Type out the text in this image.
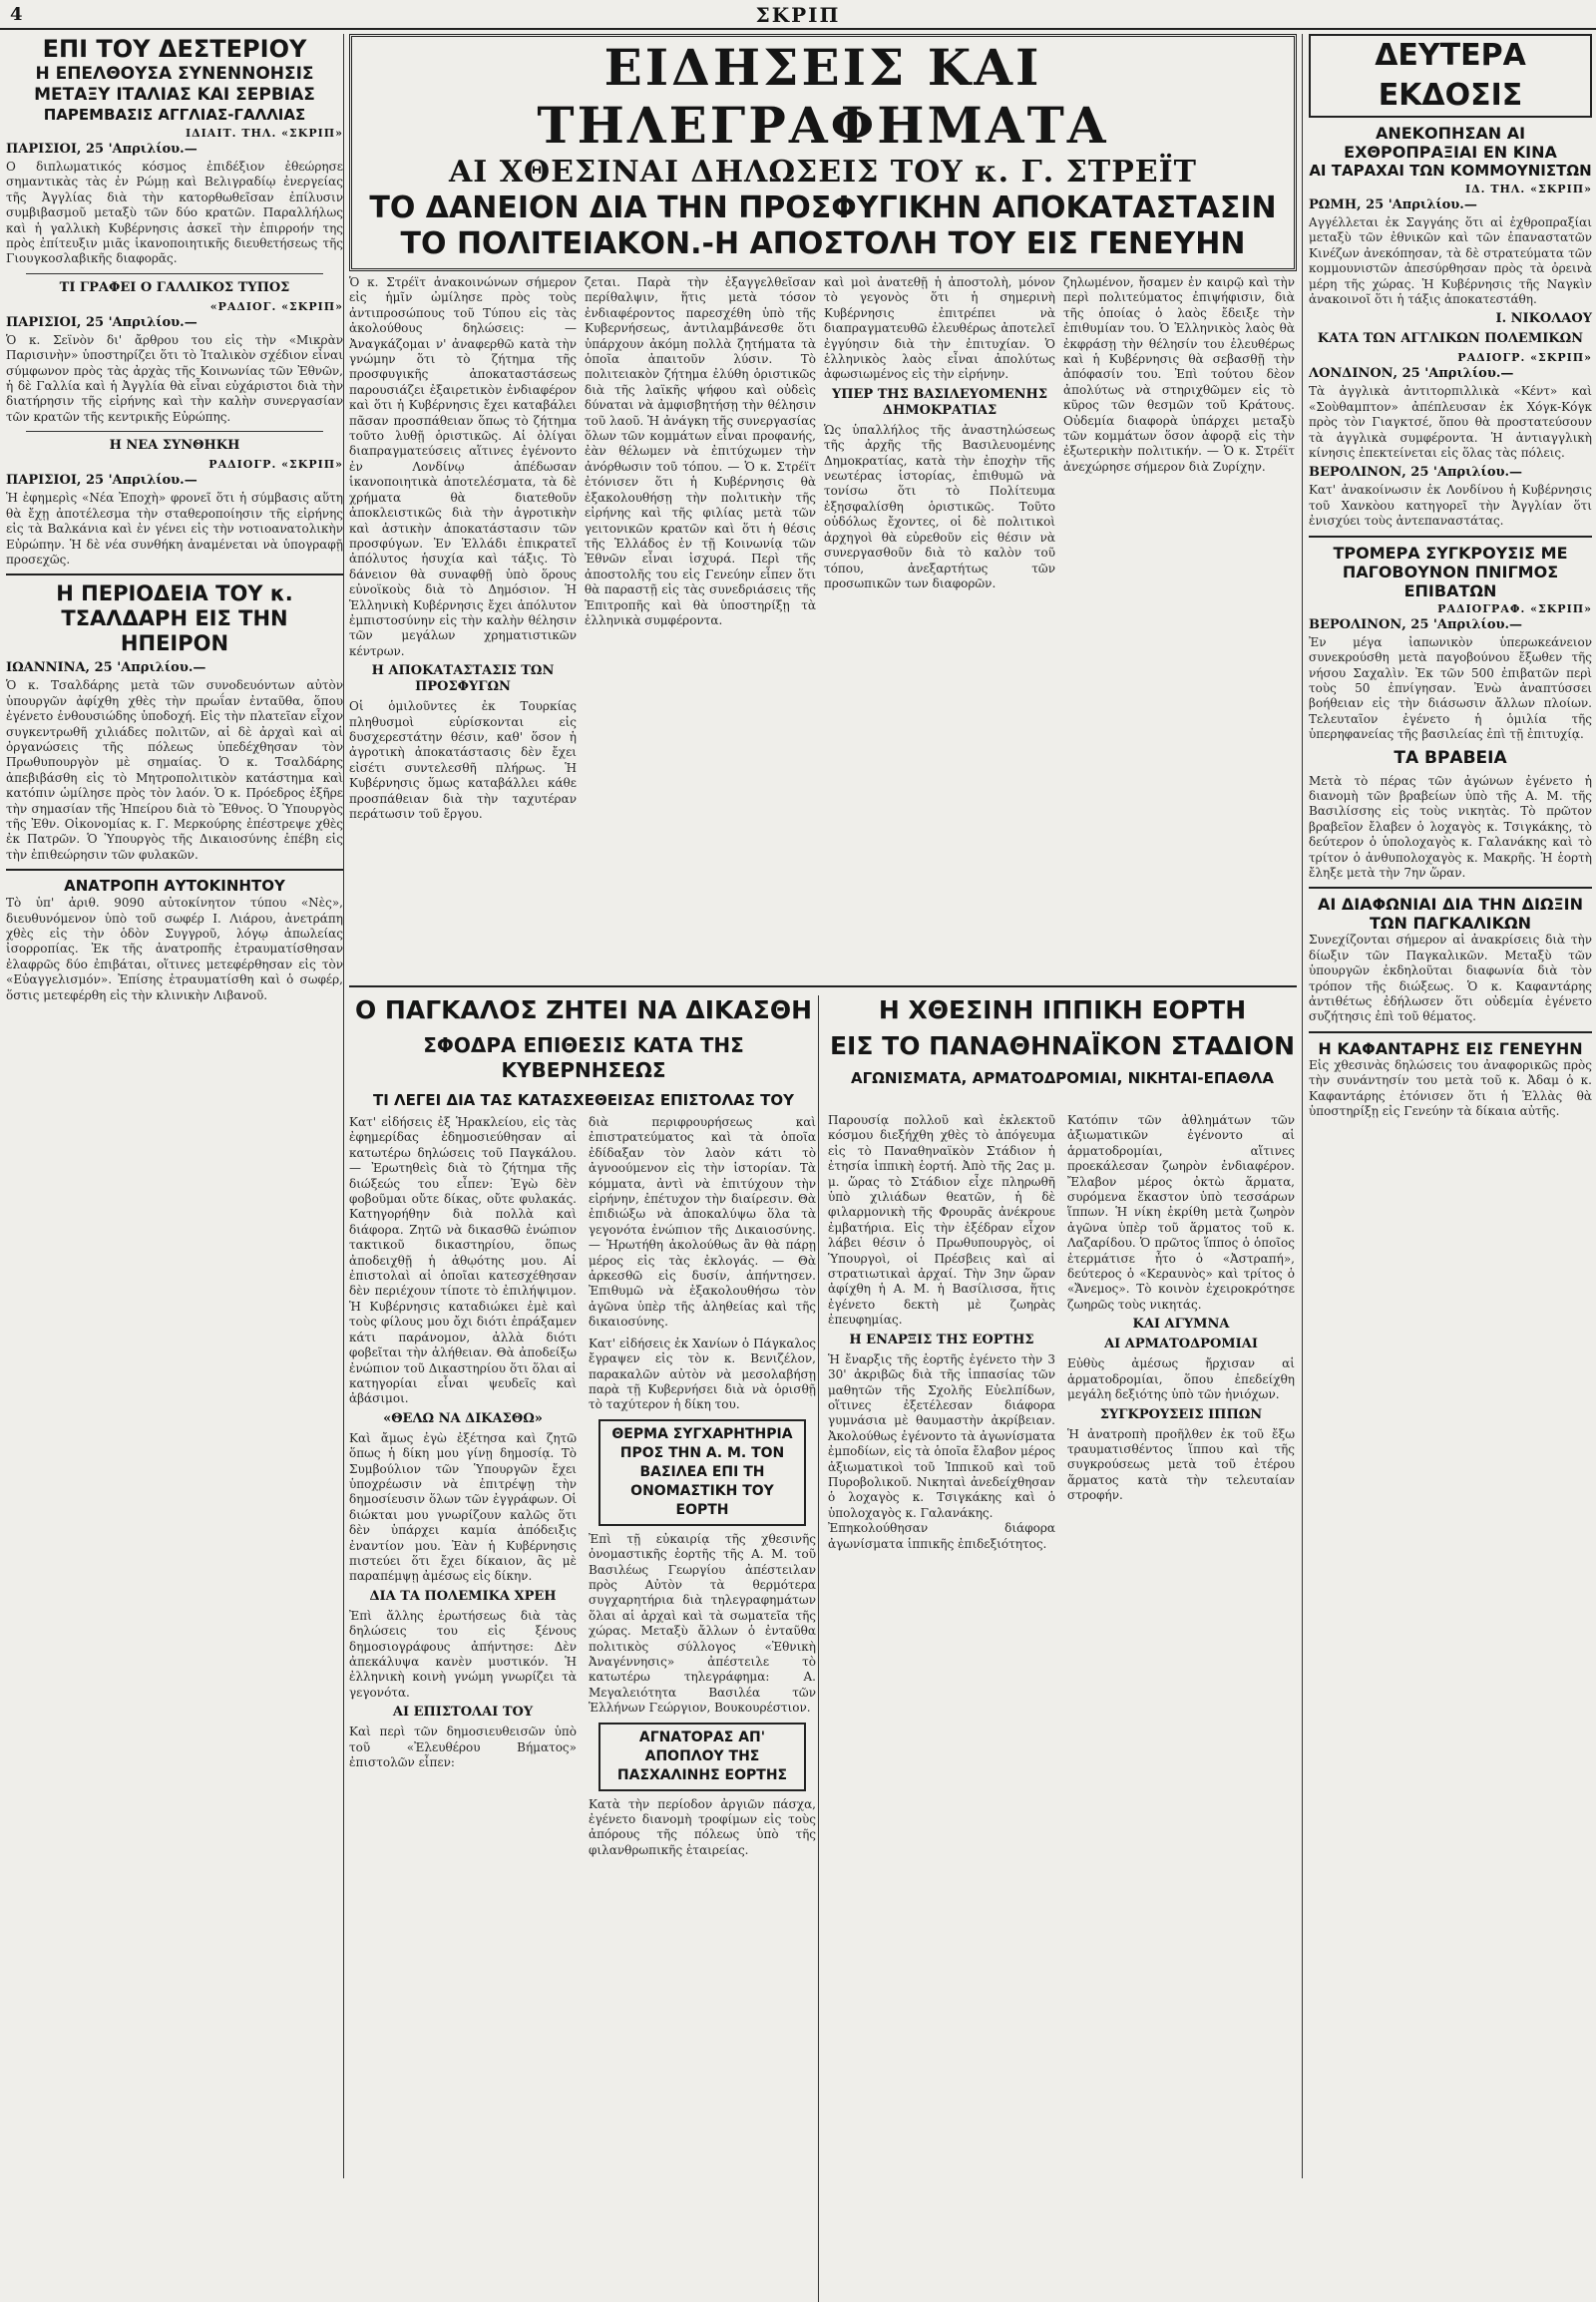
4	ΣΚΡΙΠ
ΕΠΙ ΤΟΥ ΔΕΣΤΕΡΙΟΥ
Η ΕΠΕΛΘΟΥΣΑ ΣΥΝΕΝΝΟΗΣΙΣ ΜΕΤΑΞΥ ΙΤΑΛΙΑΣ ΚΑΙ ΣΕΡΒΙΑΣ
ΠΑΡΕΜΒΑΣΙΣ ΑΓΓΛΙΑΣ-ΓΑΛΛΙΑΣ
ΙΔΙΑΙΤ. ΤΗΛ. «ΣΚΡΙΠ»
ΠΑΡΙΣΙΟΙ, 25 'Απριλίου.—
Ο διπλωματικός κόσμος ἐπιδέξιον ἐθεώρησε σημαντικὰς τὰς ἐν Ρώμῃ καὶ Βελιγραδίῳ ἐνεργείας τῆς Ἀγγλίας διὰ τὴν κατορθωθεῖσαν ἐπίλυσιν συμβιβασμοῦ μεταξὺ τῶν δύο κρατῶν. Παραλλήλως καὶ ἡ γαλλικὴ Κυβέρνησις ἀσκεῖ τὴν ἐπιρροήν της πρὸς ἐπίτευξιν μιᾶς ἱκανοποιητικῆς διευθετήσεως τῆς Γιουγκοσλαβικῆς διαφορᾶς.
ΤΙ ΓΡΑΦΕΙ Ο ΓΑΛΛΙΚΟΣ ΤΥΠΟΣ
«ΡΑΔΙΟΓ. «ΣΚΡΙΠ»
ΠΑΡΙΣΙΟΙ, 25 'Απριλίου.—
Ὁ κ. Σεϊνὸν δι' ἄρθρου του εἰς τὴν «Μικρὰν Παρισινὴν» ὑποστηρίζει ὅτι τὸ Ἰταλικὸν σχέδιον εἶναι σύμφωνον πρὸς τὰς ἀρχὰς τῆς Κοινωνίας τῶν Ἐθνῶν, ἡ δὲ Γαλλία καὶ ἡ Ἀγγλία θὰ εἶναι εὐχάριστοι διὰ τὴν διατήρησιν τῆς εἰρήνης καὶ τὴν καλὴν συνεργασίαν τῶν κρατῶν τῆς κεντρικῆς Εὐρώπης.
Η ΝΕΑ ΣΥΝΘΗΚΗ
ΡΑΔΙΟΓΡ. «ΣΚΡΙΠ»
ΠΑΡΙΣΙΟΙ, 25 'Απριλίου.—
Ἡ ἐφημερὶς «Νέα Ἐποχὴ» φρονεῖ ὅτι ἡ σύμβασις αὕτη θὰ ἔχῃ ἀποτέλεσμα τὴν σταθεροποίησιν τῆς εἰρήνης εἰς τὰ Βαλκάνια καὶ ἐν γένει εἰς τὴν νοτιοανατολικὴν Εὐρώπην. Ἡ δὲ νέα συνθήκη ἀναμένεται νὰ ὑπογραφῇ προσεχῶς.
Η ΠΕΡΙΟΔΕΙΑ ΤΟΥ κ. ΤΣΑΛΔΑΡΗ ΕΙΣ ΤΗΝ ΗΠΕΙΡΟΝ
ΙΩΑΝΝΙΝΑ, 25 'Απριλίου.—
Ὁ κ. Τσαλδάρης μετὰ τῶν συνοδευόντων αὐτὸν ὑπουργῶν ἀφίχθη χθὲς τὴν πρωΐαν ἐνταῦθα, ὅπου ἐγένετο ἐνθουσιώδης ὑποδοχή. Εἰς τὴν πλατεῖαν εἶχον συγκεντρωθῆ χιλιάδες πολιτῶν, αἱ δὲ ἀρχαὶ καὶ αἱ ὀργανώσεις τῆς πόλεως ὑπεδέχθησαν τὸν Πρωθυπουργὸν μὲ σημαίας. Ὁ κ. Τσαλδάρης ἀπεβιβάσθη εἰς τὸ Μητροπολιτικὸν κατάστημα καὶ κατόπιν ὡμίλησε πρὸς τὸν λαόν. Ὁ κ. Πρόεδρος ἐξῆρε τὴν σημασίαν τῆς Ἠπείρου διὰ τὸ Ἔθνος. Ὁ Ὑπουργὸς τῆς Ἐθν. Οἰκονομίας κ. Γ. Μερκούρης ἐπέστρεψε χθὲς ἐκ Πατρῶν. Ὁ Ὑπουργὸς τῆς Δικαιοσύνης ἐπέβη εἰς τὴν ἐπιθεώρησιν τῶν φυλακῶν.
ΑΝΑΤΡΟΠΗ ΑΥΤΟΚΙΝΗΤΟΥ
Τὸ ὑπ' ἀριθ. 9090 αὐτοκίνητον τύπου «Νὲς», διευθυνόμενον ὑπὸ τοῦ σωφέρ Ι. Λιάρου, ἀνετράπη χθὲς εἰς τὴν ὁδὸν Συγγροῦ, λόγῳ ἀπωλείας ἰσορροπίας. Ἐκ τῆς ἀνατροπῆς ἐτραυματίσθησαν ἐλαφρῶς δύο ἐπιβάται, οἵτινες μετεφέρθησαν εἰς τὸν «Εὐαγγελισμόν». Ἐπίσης ἐτραυματίσθη καὶ ὁ σωφέρ, ὅστις μετεφέρθη εἰς τὴν κλινικὴν Λιβανοῦ.
ΕΙΔΗΣΕΙΣ ΚΑΙ ΤΗΛΕΓΡΑΦΗΜΑΤΑ
ΑΙ ΧΘΕΣΙΝΑΙ ΔΗΛΩΣΕΙΣ ΤΟΥ κ. Γ. ΣΤΡΕΪΤ
ΤΟ ΔΑΝΕΙΟΝ ΔΙΑ ΤΗΝ ΠΡΟΣΦΥΓΙΚΗΝ ΑΠΟΚΑΤΑΣΤΑΣΙΝ
ΤΟ ΠΟΛΙΤΕΙΑΚΟΝ.-Η ΑΠΟΣΤΟΛΗ ΤΟΥ ΕΙΣ ΓΕΝΕΥΗΝ
Ὁ κ. Στρέϊτ ἀνακοινώνων σήμερον εἰς ἡμῖν ὠμίλησε πρὸς τοὺς ἀντιπροσώπους τοῦ Τύπου εἰς τὰς ἀκολούθους δηλώσεις: — Ἀναγκάζομαι ν' ἀναφερθῶ κατὰ τὴν γνώμην ὅτι τὸ ζήτημα τῆς προσφυγικῆς ἀποκαταστάσεως παρουσιάζει ἐξαιρετικὸν ἐνδιαφέρον καὶ ὅτι ἡ Κυβέρνησις ἔχει καταβάλει πᾶσαν προσπάθειαν ὅπως τὸ ζήτημα τοῦτο λυθῇ ὁριστικῶς. Αἱ ὀλίγαι διαπραγματεύσεις αἵτινες ἐγένοντο ἐν Λονδίνῳ ἀπέδωσαν ἱκανοποιητικὰ ἀποτελέσματα, τὰ δὲ χρήματα θὰ διατεθοῦν ἀποκλειστικῶς διὰ τὴν ἀγροτικὴν καὶ ἀστικὴν ἀποκατάστασιν τῶν προσφύγων. Ἐν Ἑλλάδι ἐπικρατεῖ ἀπόλυτος ἡσυχία καὶ τάξις. Τὸ δάνειον θὰ συναφθῇ ὑπὸ ὅρους εὐνοϊκοὺς διὰ τὸ Δημόσιον. Ἡ Ἑλληνικὴ Κυβέρνησις ἔχει ἀπόλυτον ἐμπιστοσύνην εἰς τὴν καλὴν θέλησιν τῶν μεγάλων χρηματιστικῶν κέντρων.
Η ΑΠΟΚΑΤΑΣΤΑΣΙΣ ΤΩΝ ΠΡΟΣΦΥΓΩΝ
Οἱ ὁμιλοῦντες ἐκ Τουρκίας πληθυσμοὶ εὑρίσκονται εἰς δυσχερεστάτην θέσιν, καθ' ὅσον ἡ ἀγροτικὴ ἀποκατάστασις δὲν ἔχει εἰσέτι συντελεσθῆ πλήρως. Ἡ Κυβέρνησις ὅμως καταβάλλει κάθε προσπάθειαν διὰ τὴν ταχυτέραν περάτωσιν τοῦ ἔργου.
ζεται. Παρὰ τὴν ἐξαγγελθεῖσαν περίθαλψιν, ἥτις μετὰ τόσον ἐνδιαφέροντος παρεσχέθη ὑπὸ τῆς Κυβερνήσεως, ἀντιλαμβάνεσθε ὅτι ὑπάρχουν ἀκόμη πολλὰ ζητήματα τὰ ὁποῖα ἀπαιτοῦν λύσιν. Τὸ πολιτειακὸν ζήτημα ἐλύθη ὁριστικῶς διὰ τῆς λαϊκῆς ψήφου καὶ οὐδεὶς δύναται νὰ ἀμφισβητήσῃ τὴν θέλησιν τοῦ λαοῦ. Ἡ ἀνάγκη τῆς συνεργασίας ὅλων τῶν κομμάτων εἶναι προφανής, ἐὰν θέλωμεν νὰ ἐπιτύχωμεν τὴν ἀνόρθωσιν τοῦ τόπου. — Ὁ κ. Στρέϊτ ἐτόνισεν ὅτι ἡ Κυβέρνησις θὰ ἐξακολουθήσῃ τὴν πολιτικὴν τῆς εἰρήνης καὶ τῆς φιλίας μετὰ τῶν γειτονικῶν κρατῶν καὶ ὅτι ἡ θέσις τῆς Ἑλλάδος ἐν τῇ Κοινωνίᾳ τῶν Ἐθνῶν εἶναι ἰσχυρά. Περὶ τῆς ἀποστολῆς του εἰς Γενεύην εἶπεν ὅτι θὰ παραστῇ εἰς τὰς συνεδριάσεις τῆς Ἐπιτροπῆς καὶ θὰ ὑποστηρίξῃ τὰ ἑλληνικὰ συμφέροντα.
καὶ μοὶ ἀνατεθῇ ἡ ἀποστολὴ, μόνον τὸ γεγονὸς ὅτι ἡ σημερινὴ Κυβέρνησις ἐπιτρέπει νὰ διαπραγματευθῶ ἐλευθέρως ἀποτελεῖ ἐγγύησιν διὰ τὴν ἐπιτυχίαν. Ὁ ἑλληνικὸς λαὸς εἶναι ἀπολύτως ἀφωσιωμένος εἰς τὴν εἰρήνην.
ΥΠΕΡ ΤΗΣ ΒΑΣΙΛΕΥΟΜΕΝΗΣ ΔΗΜΟΚΡΑΤΙΑΣ
Ὡς ὑπαλλήλος τῆς ἀναστηλώσεως τῆς ἀρχῆς τῆς Βασιλευομένης Δημοκρατίας, κατὰ τὴν ἐποχὴν τῆς νεωτέρας ἱστορίας, ἐπιθυμῶ νὰ τονίσω ὅτι τὸ Πολίτευμα ἐξησφαλίσθη ὁριστικῶς. Τοῦτο οὐδόλως ἔχοντες, οἱ δὲ πολιτικοὶ ἀρχηγοὶ θὰ εὐρεθοῦν εἰς θέσιν νὰ συνεργασθοῦν διὰ τὸ καλὸν τοῦ τόπου, ἀνεξαρτήτως τῶν προσωπικῶν των διαφορῶν.
ζηλωμένον, ἤσαμεν ἐν καιρῷ καὶ τὴν περὶ πολιτεύματος ἐπιψήφισιν, διὰ τῆς ὁποίας ὁ λαὸς ἔδειξε τὴν ἐπιθυμίαν του. Ὁ Ἑλληνικὸς λαὸς θὰ ἐκφράσῃ τὴν θέλησίν του ἐλευθέρως καὶ ἡ Κυβέρνησις θὰ σεβασθῇ τὴν ἀπόφασίν του. Ἐπὶ τούτου δὲον ἀπολύτως νὰ στηριχθῶμεν εἰς τὸ κῦρος τῶν θεσμῶν τοῦ Κράτους. Οὐδεμία διαφορὰ ὑπάρχει μεταξὺ τῶν κομμάτων ὅσον ἀφορᾷ εἰς τὴν ἐξωτερικὴν πολιτικήν. — Ὁ κ. Στρέϊτ ἀνεχώρησε σήμερον διὰ Ζυρίχην.
Ο ΠΑΓΚΑΛΟΣ ΖΗΤΕΙ ΝΑ ΔΙΚΑΣΘΗ
ΣΦΟΔΡΑ ΕΠΙΘΕΣΙΣ ΚΑΤΑ ΤΗΣ ΚΥΒΕΡΝΗΣΕΩΣ
ΤΙ ΛΕΓΕΙ ΔΙΑ ΤΑΣ ΚΑΤΑΣΧΕΘΕΙΣΑΣ ΕΠΙΣΤΟΛΑΣ ΤΟΥ
Κατ' εἰδήσεις ἐξ Ἡρακλείου, εἰς τὰς ἐφημερίδας ἐδημοσιεύθησαν αἱ κατωτέρω δηλώσεις τοῦ Παγκάλου. — Ἐρωτηθεὶς διὰ τὸ ζήτημα τῆς διώξεώς του εἶπεν: Ἐγὼ δὲν φοβοῦμαι οὔτε δίκας, οὔτε φυλακάς. Κατηγορήθην διὰ πολλὰ καὶ διάφορα. Ζητῶ νὰ δικασθῶ ἐνώπιον τακτικοῦ δικαστηρίου, ὅπως ἀποδειχθῇ ἡ ἀθῳότης μου. Αἱ ἐπιστολαὶ αἱ ὁποῖαι κατεσχέθησαν δὲν περιέχουν τίποτε τὸ ἐπιλήψιμον. Ἡ Κυβέρνησις καταδιώκει ἐμὲ καὶ τοὺς φίλους μου ὄχι διότι ἐπράξαμεν κάτι παράνομον, ἀλλὰ διότι φοβεῖται τὴν ἀλήθειαν. Θὰ ἀποδείξω ἐνώπιον τοῦ Δικαστηρίου ὅτι ὅλαι αἱ κατηγορίαι εἶναι ψευδεῖς καὶ ἀβάσιμοι.
«ΘΕΛΩ ΝΑ ΔΙΚΑΣΘΩ»
Καὶ ἄμως ἐγὼ ἐξέτησα καὶ ζητῶ ὅπως ἡ δίκη μου γίνῃ δημοσίᾳ. Τὸ Συμβούλιον τῶν Ὑπουργῶν ἔχει ὑποχρέωσιν νὰ ἐπιτρέψῃ τὴν δημοσίευσιν ὅλων τῶν ἐγγράφων. Οἱ διώκται μου γνωρίζουν καλῶς ὅτι δὲν ὑπάρχει καμία ἀπόδειξις ἐναντίον μου. Ἐὰν ἡ Κυβέρνησις πιστεύει ὅτι ἔχει δίκαιον, ἂς μὲ παραπέμψῃ ἀμέσως εἰς δίκην.
ΔΙΑ ΤΑ ΠΟΛΕΜΙΚΑ ΧΡΕΗ
Ἐπὶ ἄλλης ἐρωτήσεως διὰ τὰς δηλώσεις του εἰς ξένους δημοσιογράφους ἀπήντησε: Δὲν ἀπεκάλυψα κανὲν μυστικόν. Ἡ ἐλληνικὴ κοινὴ γνώμη γνωρίζει τὰ γεγονότα.
ΑΙ ΕΠΙΣΤΟΛΑΙ ΤΟΥ
Καὶ περὶ τῶν δημοσιευθεισῶν ὑπὸ τοῦ «Ἐλευθέρου Βήματος» ἐπιστολῶν εἶπεν:
διὰ περιφρουρήσεως καὶ ἐπιστρατεύματος καὶ τὰ ὁποῖα ἐδίδαξαν τὸν λαὸν κάτι τὸ ἀγνοούμενον εἰς τὴν ἱστορίαν. Τὰ κόμματα, ἀντὶ νὰ ἐπιτύχουν τὴν εἰρήνην, ἐπέτυχον τὴν διαίρεσιν. Θὰ ἐπιδιώξω νὰ ἀποκαλύψω ὅλα τὰ γεγονότα ἐνώπιον τῆς Δικαιοσύνης. — Ἠρωτήθη ἀκολούθως ἂν θὰ πάρῃ μέρος εἰς τὰς ἐκλογάς. — Θὰ ἀρκεσθῶ εἰς δυσίν, ἀπήντησεν. Ἐπιθυμῶ νὰ ἐξακολουθήσω τὸν ἀγῶνα ὑπὲρ τῆς ἀληθείας καὶ τῆς δικαιοσύνης.
Κατ' εἰδήσεις ἐκ Χανίων ὁ Πάγκαλος ἔγραψεν εἰς τὸν κ. Βενιζέλον, παρακαλῶν αὐτὸν νὰ μεσολαβήσῃ παρὰ τῇ Κυβερνήσει διὰ νὰ ὁρισθῇ τὸ ταχύτερον ἡ δίκη του.
ΘΕΡΜΑ ΣΥΓΧΑΡΗΤΗΡΙΑ ΠΡΟΣ ΤΗΝ Α. Μ. ΤΟΝ ΒΑΣΙΛΕΑ ΕΠΙ ΤΗ ΟΝΟΜΑΣΤΙΚΗ ΤΟΥ ΕΟΡΤΗ
Ἐπὶ τῇ εὐκαιρίᾳ τῆς χθεσινῆς ὀνομαστικῆς ἑορτῆς τῆς Α. Μ. τοῦ Βασιλέως Γεωργίου ἀπέστειλαν πρὸς Αὐτὸν τὰ θερμότερα συγχαρητήρια διὰ τηλεγραφημάτων ὅλαι αἱ ἀρχαὶ καὶ τὰ σωματεῖα τῆς χώρας. Μεταξὺ ἄλλων ὁ ἐνταῦθα πολιτικὸς σύλλογος «Ἐθνικὴ Ἀναγέννησις» ἀπέστειλε τὸ κατωτέρω τηλεγράφημα: Α. Μεγαλειότητα Βασιλέα τῶν Ἑλλήνων Γεώργιον, Βουκουρέστιον.
ΑΓΝΑΤΟΡΑΣ ΑΠ' ΑΠΟΠΛΟΥ ΤΗΣ ΠΑΣΧΑΛΙΝΗΣ ΕΟΡΤΗΣ
Κατὰ τὴν περίοδον ἀργιῶν πάσχα, ἐγένετο διανομὴ τροφίμων εἰς τοὺς ἀπόρους τῆς πόλεως ὑπὸ τῆς φιλανθρωπικῆς ἑταιρείας.
Η ΧΘΕΣΙΝΗ ΙΠΠΙΚΗ ΕΟΡΤΗ
ΕΙΣ ΤΟ ΠΑΝΑΘΗΝΑΪΚΟΝ ΣΤΑΔΙΟΝ
ΑΓΩΝΙΣΜΑΤΑ, ΑΡΜΑΤΟΔΡΟΜΙΑΙ, ΝΙΚΗΤΑΙ-ΕΠΑΘΛΑ
Παρουσίᾳ πολλοῦ καὶ ἐκλεκτοῦ κόσμου διεξήχθη χθὲς τὸ ἀπόγευμα εἰς τὸ Παναθηναϊκὸν Στάδιον ἡ ἐτησία ἱππικὴ ἑορτή. Ἀπὸ τῆς 2ας μ. μ. ὥρας τὸ Στάδιον εἶχε πληρωθῆ ὑπὸ χιλιάδων θεατῶν, ἡ δὲ φιλαρμονικὴ τῆς Φρουρᾶς ἀνέκρουε ἐμβατήρια. Εἰς τὴν ἐξέδραν εἶχον λάβει θέσιν ὁ Πρωθυπουργὸς, οἱ Ὑπουργοὶ, οἱ Πρέσβεις καὶ αἱ στρατιωτικαὶ ἀρχαί. Τὴν 3ην ὥραν ἀφίχθη ἡ Α. Μ. ἡ Βασίλισσα, ἥτις ἐγένετο δεκτὴ μὲ ζωηρὰς ἐπευφημίας.
Η ΕΝΑΡΞΙΣ ΤΗΣ ΕΟΡΤΗΣ
Ἡ ἔναρξις τῆς ἑορτῆς ἐγένετο τὴν 3 30' ἀκριβῶς διὰ τῆς ἱππασίας τῶν μαθητῶν τῆς Σχολῆς Εὐελπίδων, οἵτινες ἐξετέλεσαν διάφορα γυμνάσια μὲ θαυμαστὴν ἀκρίβειαν. Ἀκολούθως ἐγένοντο τὰ ἀγωνίσματα ἐμποδίων, εἰς τὰ ὁποῖα ἔλαβον μέρος ἀξιωματικοὶ τοῦ Ἱππικοῦ καὶ τοῦ Πυροβολικοῦ. Νικηταὶ ἀνεδείχθησαν ὁ λοχαγὸς κ. Τσιγκάκης καὶ ὁ ὑπολοχαγὸς κ. Γαλανάκης.
Ἐπηκολούθησαν διάφορα ἀγωνίσματα ἱππικῆς ἐπιδεξιότητος.
Κατόπιν τῶν ἀθλημάτων τῶν ἀξιωματικῶν ἐγένοντο αἱ ἁρματοδρομίαι, αἵτινες προεκάλεσαν ζωηρὸν ἐνδιαφέρον. Ἔλαβον μέρος ὀκτὼ ἅρματα, συρόμενα ἕκαστον ὑπὸ τεσσάρων ἵππων. Ἡ νίκη ἐκρίθη μετὰ ζωηρὸν ἀγῶνα ὑπὲρ τοῦ ἅρματος τοῦ κ. Λαζαρίδου. Ὁ πρῶτος ἵππος ὁ ὁποῖος ἐτερμάτισε ἦτο ὁ «Ἀστραπή», δεύτερος ὁ «Κεραυνὸς» καὶ τρίτος ὁ «Ἄνεμος». Τὸ κοινὸν ἐχειροκρότησε ζωηρῶς τοὺς νικητάς.
ΚΑΙ ΑΓΥΜΝΑ
ΑΙ ΑΡΜΑΤΟΔΡΟΜΙΑΙ
Εὐθὺς ἀμέσως ἤρχισαν αἱ ἁρματοδρομίαι, ὅπου ἐπεδείχθη μεγάλη δεξιότης ὑπὸ τῶν ἡνιόχων.
ΣΥΓΚΡΟΥΣΕΙΣ ΙΠΠΩΝ
Ἡ ἀνατροπὴ προῆλθεν ἐκ τοῦ ἔξω τραυματισθέντος ἵππου καὶ τῆς συγκρούσεως μετὰ τοῦ ἑτέρου ἅρματος κατὰ τὴν τελευταίαν στροφήν.
ΔΕΥΤΕΡΑ ΕΚΔΟΣΙΣ
ΑΝΕΚΟΠΗΣΑΝ ΑΙ ΕΧΘΡΟΠΡΑΞΙΑΙ ΕΝ ΚΙΝΑ
ΑΙ ΤΑΡΑΧΑΙ ΤΩΝ ΚΟΜΜΟΥΝΙΣΤΩΝ
ΙΔ. ΤΗΛ. «ΣΚΡΙΠ»
ΡΩΜΗ, 25 'Απριλίου.—
Αγγέλλεται ἐκ Σαγγάης ὅτι αἱ ἐχθροπραξίαι μεταξὺ τῶν ἐθνικῶν καὶ τῶν ἐπαναστατῶν Κινέζων ἀνεκόπησαν, τὰ δὲ στρατεύματα τῶν κομμουνιστῶν ἀπεσύρθησαν πρὸς τὰ ὀρεινὰ μέρη τῆς χώρας. Ἡ Κυβέρνησις τῆς Ναγκὶν ἀνακοινοῖ ὅτι ἡ τάξις ἀποκατεστάθη.
Ι. ΝΙΚΟΛΑΟΥ
ΚΑΤΑ ΤΩΝ ΑΓΓΛΙΚΩΝ ΠΟΛΕΜΙΚΩΝ
ΡΑΔΙΟΓΡ. «ΣΚΡΙΠ»
ΛΟΝΔΙΝΟΝ, 25 'Απριλίου.—
Τὰ ἀγγλικὰ ἀντιτορπιλλικὰ «Κέντ» καὶ «Σοὺθαμπτον» ἀπέπλευσαν ἐκ Χόγκ-Κόγκ πρὸς τὸν Γιαγκτσέ, ὅπου θὰ προστατεύσουν τὰ ἀγγλικὰ συμφέροντα. Ἡ ἀντιαγγλικὴ κίνησις ἐπεκτείνεται εἰς ὅλας τὰς πόλεις.
ΒΕΡΟΛΙΝΟΝ, 25 'Απριλίου.—
Κατ' ἀνακοίνωσιν ἐκ Λονδίνου ἡ Κυβέρνησις τοῦ Χανκὸου κατηγορεῖ τὴν Ἀγγλίαν ὅτι ἐνισχύει τοὺς ἀντεπαναστάτας.
ΤΡΟΜΕΡΑ ΣΥΓΚΡΟΥΣΙΣ ΜΕ ΠΑΓΟΒΟΥΝΟΝ ΠΝΙΓΜΟΣ ΕΠΙΒΑΤΩΝ
ΡΑΔΙΟΓΡΑΦ. «ΣΚΡΙΠ»
ΒΕΡΟΛΙΝΟΝ, 25 'Απριλίου.—
Ἐν μέγα ἰαπωνικὸν ὑπερωκεάνειον συνεκρούσθη μετὰ παγοβούνου ἔξωθεν τῆς νήσου Σαχαλὶν. Ἐκ τῶν 500 ἐπιβατῶν περὶ τοὺς 50 ἐπνίγησαν. Ἐνὼ ἀναπτύσσει βοήθειαν εἰς τὴν διάσωσιν ἄλλων πλοίων. Τελευταῖον ἐγένετο ἡ ὁμιλία τῆς ὑπερηφανείας τῆς βασιλείας ἐπὶ τῇ ἐπιτυχίᾳ.
ΤΑ ΒΡΑΒΕΙΑ
Μετὰ τὸ πέρας τῶν ἀγώνων ἐγένετο ἡ διανομὴ τῶν βραβείων ὑπὸ τῆς Α. Μ. τῆς Βασιλίσσης εἰς τοὺς νικητὰς. Τὸ πρῶτον βραβεῖον ἔλαβεν ὁ λοχαγὸς κ. Τσιγκάκης, τὸ δεύτερον ὁ ὑπολοχαγὸς κ. Γαλανάκης καὶ τὸ τρίτον ὁ ἀνθυπολοχαγὸς κ. Μακρῆς. Ἡ ἑορτὴ ἔληξε μετὰ τὴν 7ην ὥραν.
ΑΙ ΔΙΑΦΩΝΙΑΙ ΔΙΑ ΤΗΝ ΔΙΩΞΙΝ ΤΩΝ ΠΑΓΚΑΛΙΚΩΝ
Συνεχίζονται σήμερον αἱ ἀνακρίσεις διὰ τὴν δίωξιν τῶν Παγκαλικῶν. Μεταξὺ τῶν ὑπουργῶν ἐκδηλοῦται διαφωνία διὰ τὸν τρόπον τῆς διώξεως. Ὁ κ. Καφαντάρης ἀντιθέτως ἐδήλωσεν ὅτι οὐδεμία ἐγένετο συζήτησις ἐπὶ τοῦ θέματος.
Η ΚΑΦΑΝΤΑΡΗΣ ΕΙΣ ΓΕΝΕΥΗΝ
Εἰς χθεσινὰς δηλώσεις του ἀναφορικῶς πρὸς τὴν συνάντησίν του μετὰ τοῦ κ. Ἀδαμ ὁ κ. Καφαντάρης ἐτόνισεν ὅτι ἡ Ἑλλὰς θὰ ὑποστηρίξῃ εἰς Γενεύην τὰ δίκαια αὐτῆς.
